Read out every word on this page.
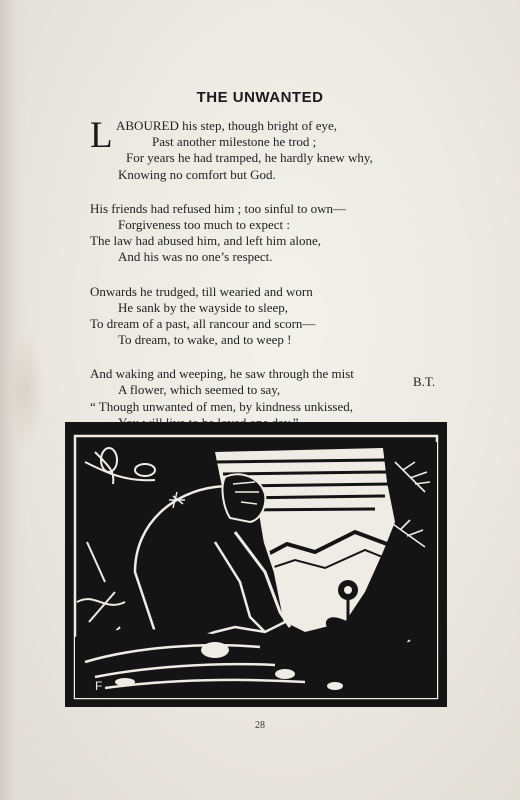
THE UNWANTED
L ABOURED his step, though bright of eye,
Past another milestone he trod ;
For years he had tramped, he hardly knew why,
Knowing no comfort but God.
His friends had refused him ; too sinful to own—
Forgiveness too much to expect :
The law had abused him, and left him alone,
And his was no one’s respect.
Onwards he trudged, till wearied and worn
He sank by the wayside to sleep,
To dream of a past, all rancour and scorn—
To dream, to wake, and to weep !
And waking and weeping, he saw through the mist
A flower, which seemed to say,
“ Though unwanted of men, by kindness unkissed,
B.T.
F
28
